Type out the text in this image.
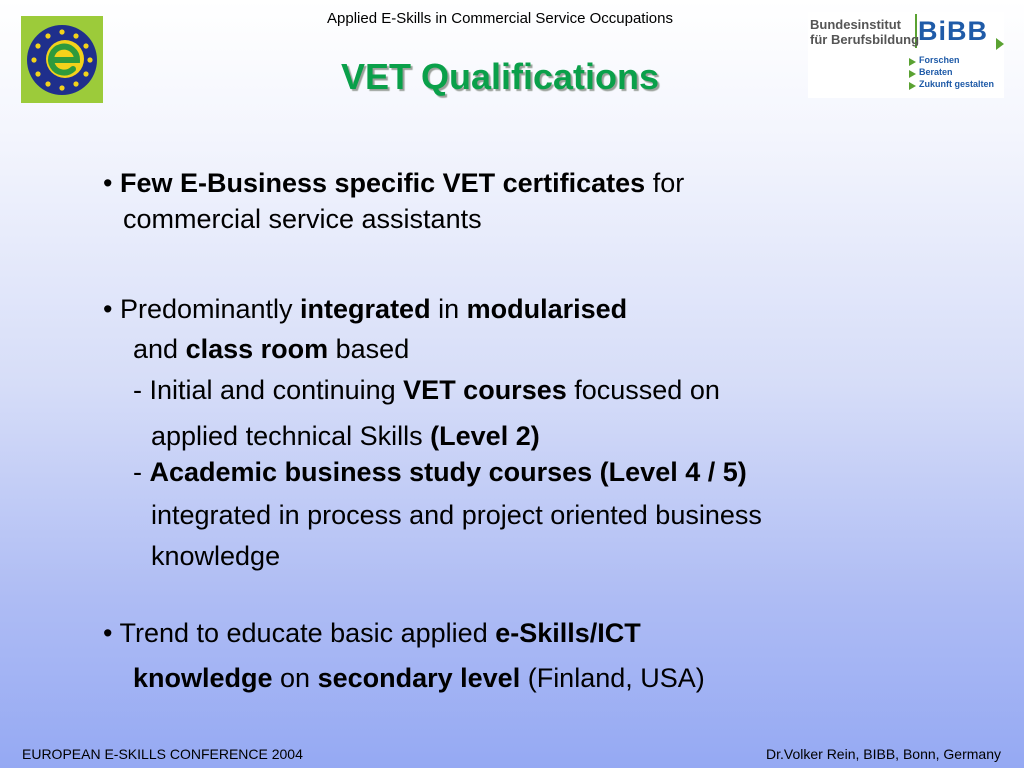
Applied E-Skills in Commercial Service Occupations
VET Qualifications
Bundesinstitut
für Berufsbildung
BiBB
Forschen
Beraten
Zukunft gestalten
• Few E-Business specific VET certificates for
commercial service assistants
• Predominantly integrated in modularised
and class room based
- Initial and continuing VET courses focussed on
applied technical Skills (Level 2)
- Academic business study courses (Level 4 / 5)
integrated in process and project oriented business
knowledge
• Trend to educate basic applied e-Skills/ICT
knowledge on secondary level (Finland, USA)
EUROPEAN E-SKILLS CONFERENCE 2004	Dr.Volker Rein, BIBB, Bonn, Germany
